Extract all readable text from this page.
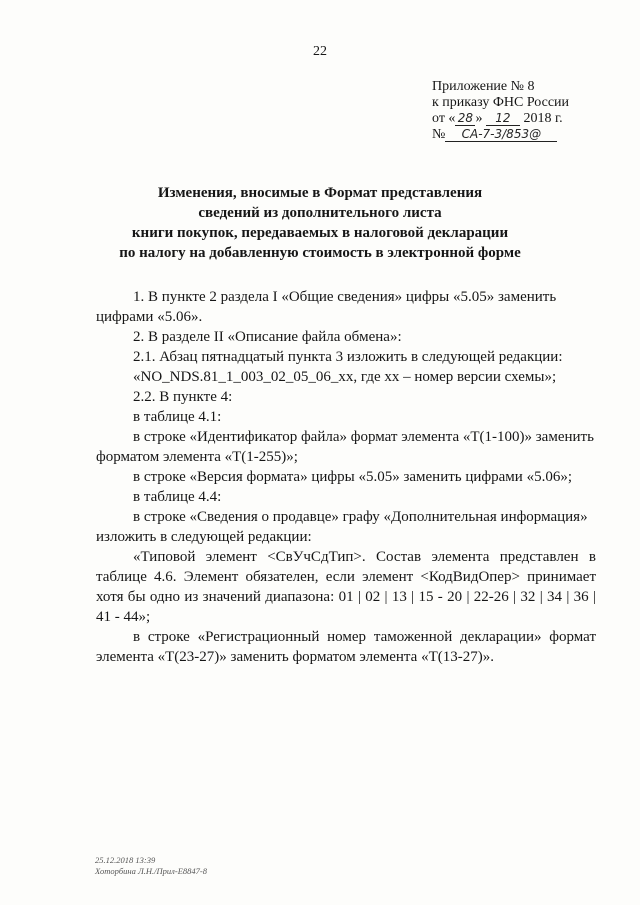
22
Приложение № 8
к приказу ФНС России
от « 28 » 12 2018 г.
№ СА-7-3/853@
Изменения, вносимые в Формат представления
сведений из дополнительного листа
книги покупок, передаваемых в налоговой декларации
по налогу на добавленную стоимость в электронной форме

1. В пункте 2 раздела I «Общие сведения» цифры «5.05» заменить цифрами «5.06».

2. В разделе II «Описание файла обмена»:

2.1. Абзац пятнадцатый пункта 3 изложить в следующей редакции:

«NO_NDS.81_1_003_02_05_06_xx, где xx – номер версии схемы»;

2.2. В пункте 4:

в таблице 4.1:

в строке «Идентификатор файла» формат элемента «T(1-100)» заменить форматом элемента «T(1-255)»;

в строке «Версия формата» цифры «5.05» заменить цифрами «5.06»;

в таблице 4.4:

в строке «Сведения о продавце» графу «Дополнительная информация» изложить в следующей редакции:

«Типовой элемент <СвУчСдТип>. Состав элемента представлен в таблице 4.6. Элемент обязателен, если элемент <КодВидОпер> принимает хотя бы одно из значений диапазона: 01 | 02 | 13 | 15 - 20 | 22-26 | 32 | 34 | 36 | 41 - 44»;

в строке «Регистрационный номер таможенной декларации» формат элемента «T(23-27)» заменить форматом элемента «T(13-27)».

25.12.2018 13:39
Хоторбина Л.Н./Прил-Е8847-8
